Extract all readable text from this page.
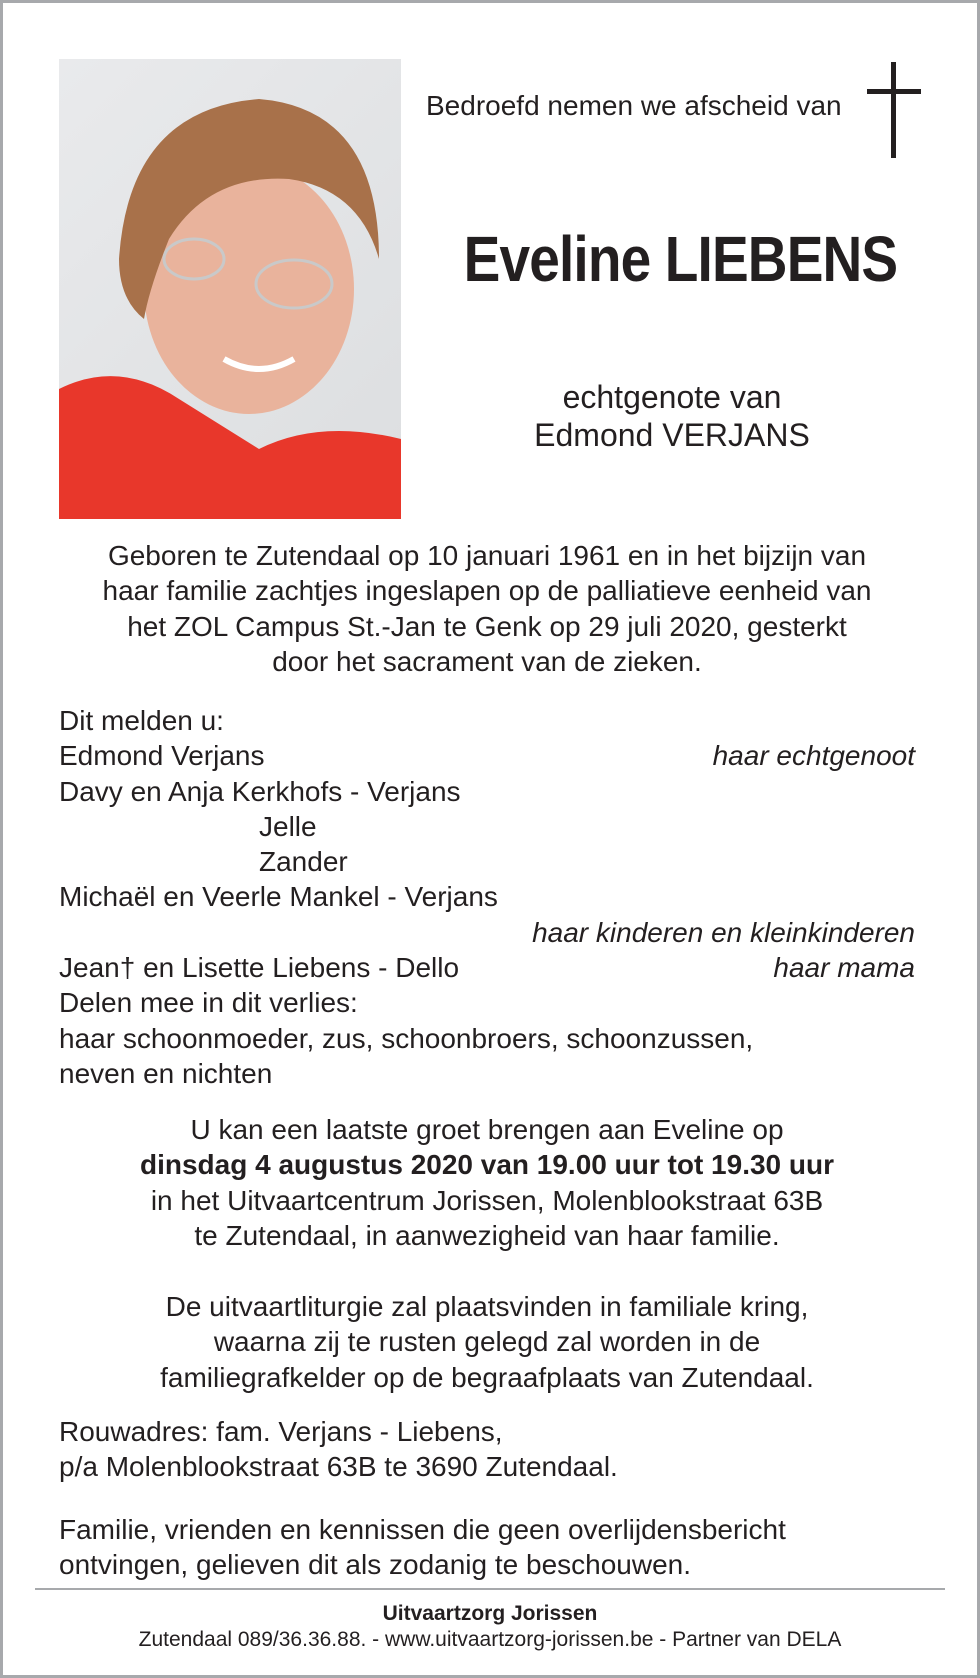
Bedroefd nemen we afscheid van
Eveline LIEBENS
echtgenote van
Edmond VERJANS
Geboren te Zutendaal op 10 januari 1961 en in het bijzijn van
haar familie zachtjes ingeslapen op de palliatieve eenheid van
het ZOL Campus St.-Jan te Genk op 29 juli 2020, gesterkt
door het sacrament van de zieken.
Dit melden u:
Edmond Verjans	haar echtgenoot
Davy en Anja Kerkhofs - Verjans
Jelle
Zander
Michaël en Veerle Mankel - Verjans
haar kinderen en kleinkinderen
Jean† en Lisette Liebens - Dello	haar mama
Delen mee in dit verlies:
haar schoonmoeder, zus, schoonbroers, schoonzussen,
neven en nichten
U kan een laatste groet brengen aan Eveline op
dinsdag 4 augustus 2020 van 19.00 uur tot 19.30 uur
in het Uitvaartcentrum Jorissen, Molenblookstraat 63B
te Zutendaal, in aanwezigheid van haar familie.
De uitvaartliturgie zal plaatsvinden in familiale kring,
waarna zij te rusten gelegd zal worden in de
familiegrafkelder op de begraafplaats van Zutendaal.
Rouwadres: fam. Verjans - Liebens,
p/a Molenblookstraat 63B te 3690 Zutendaal.
Familie, vrienden en kennissen die geen overlijdensbericht
ontvingen, gelieven dit als zodanig te beschouwen.
Uitvaartzorg Jorissen
Zutendaal 089/36.36.88. - www.uitvaartzorg-jorissen.be - Partner van DELA
